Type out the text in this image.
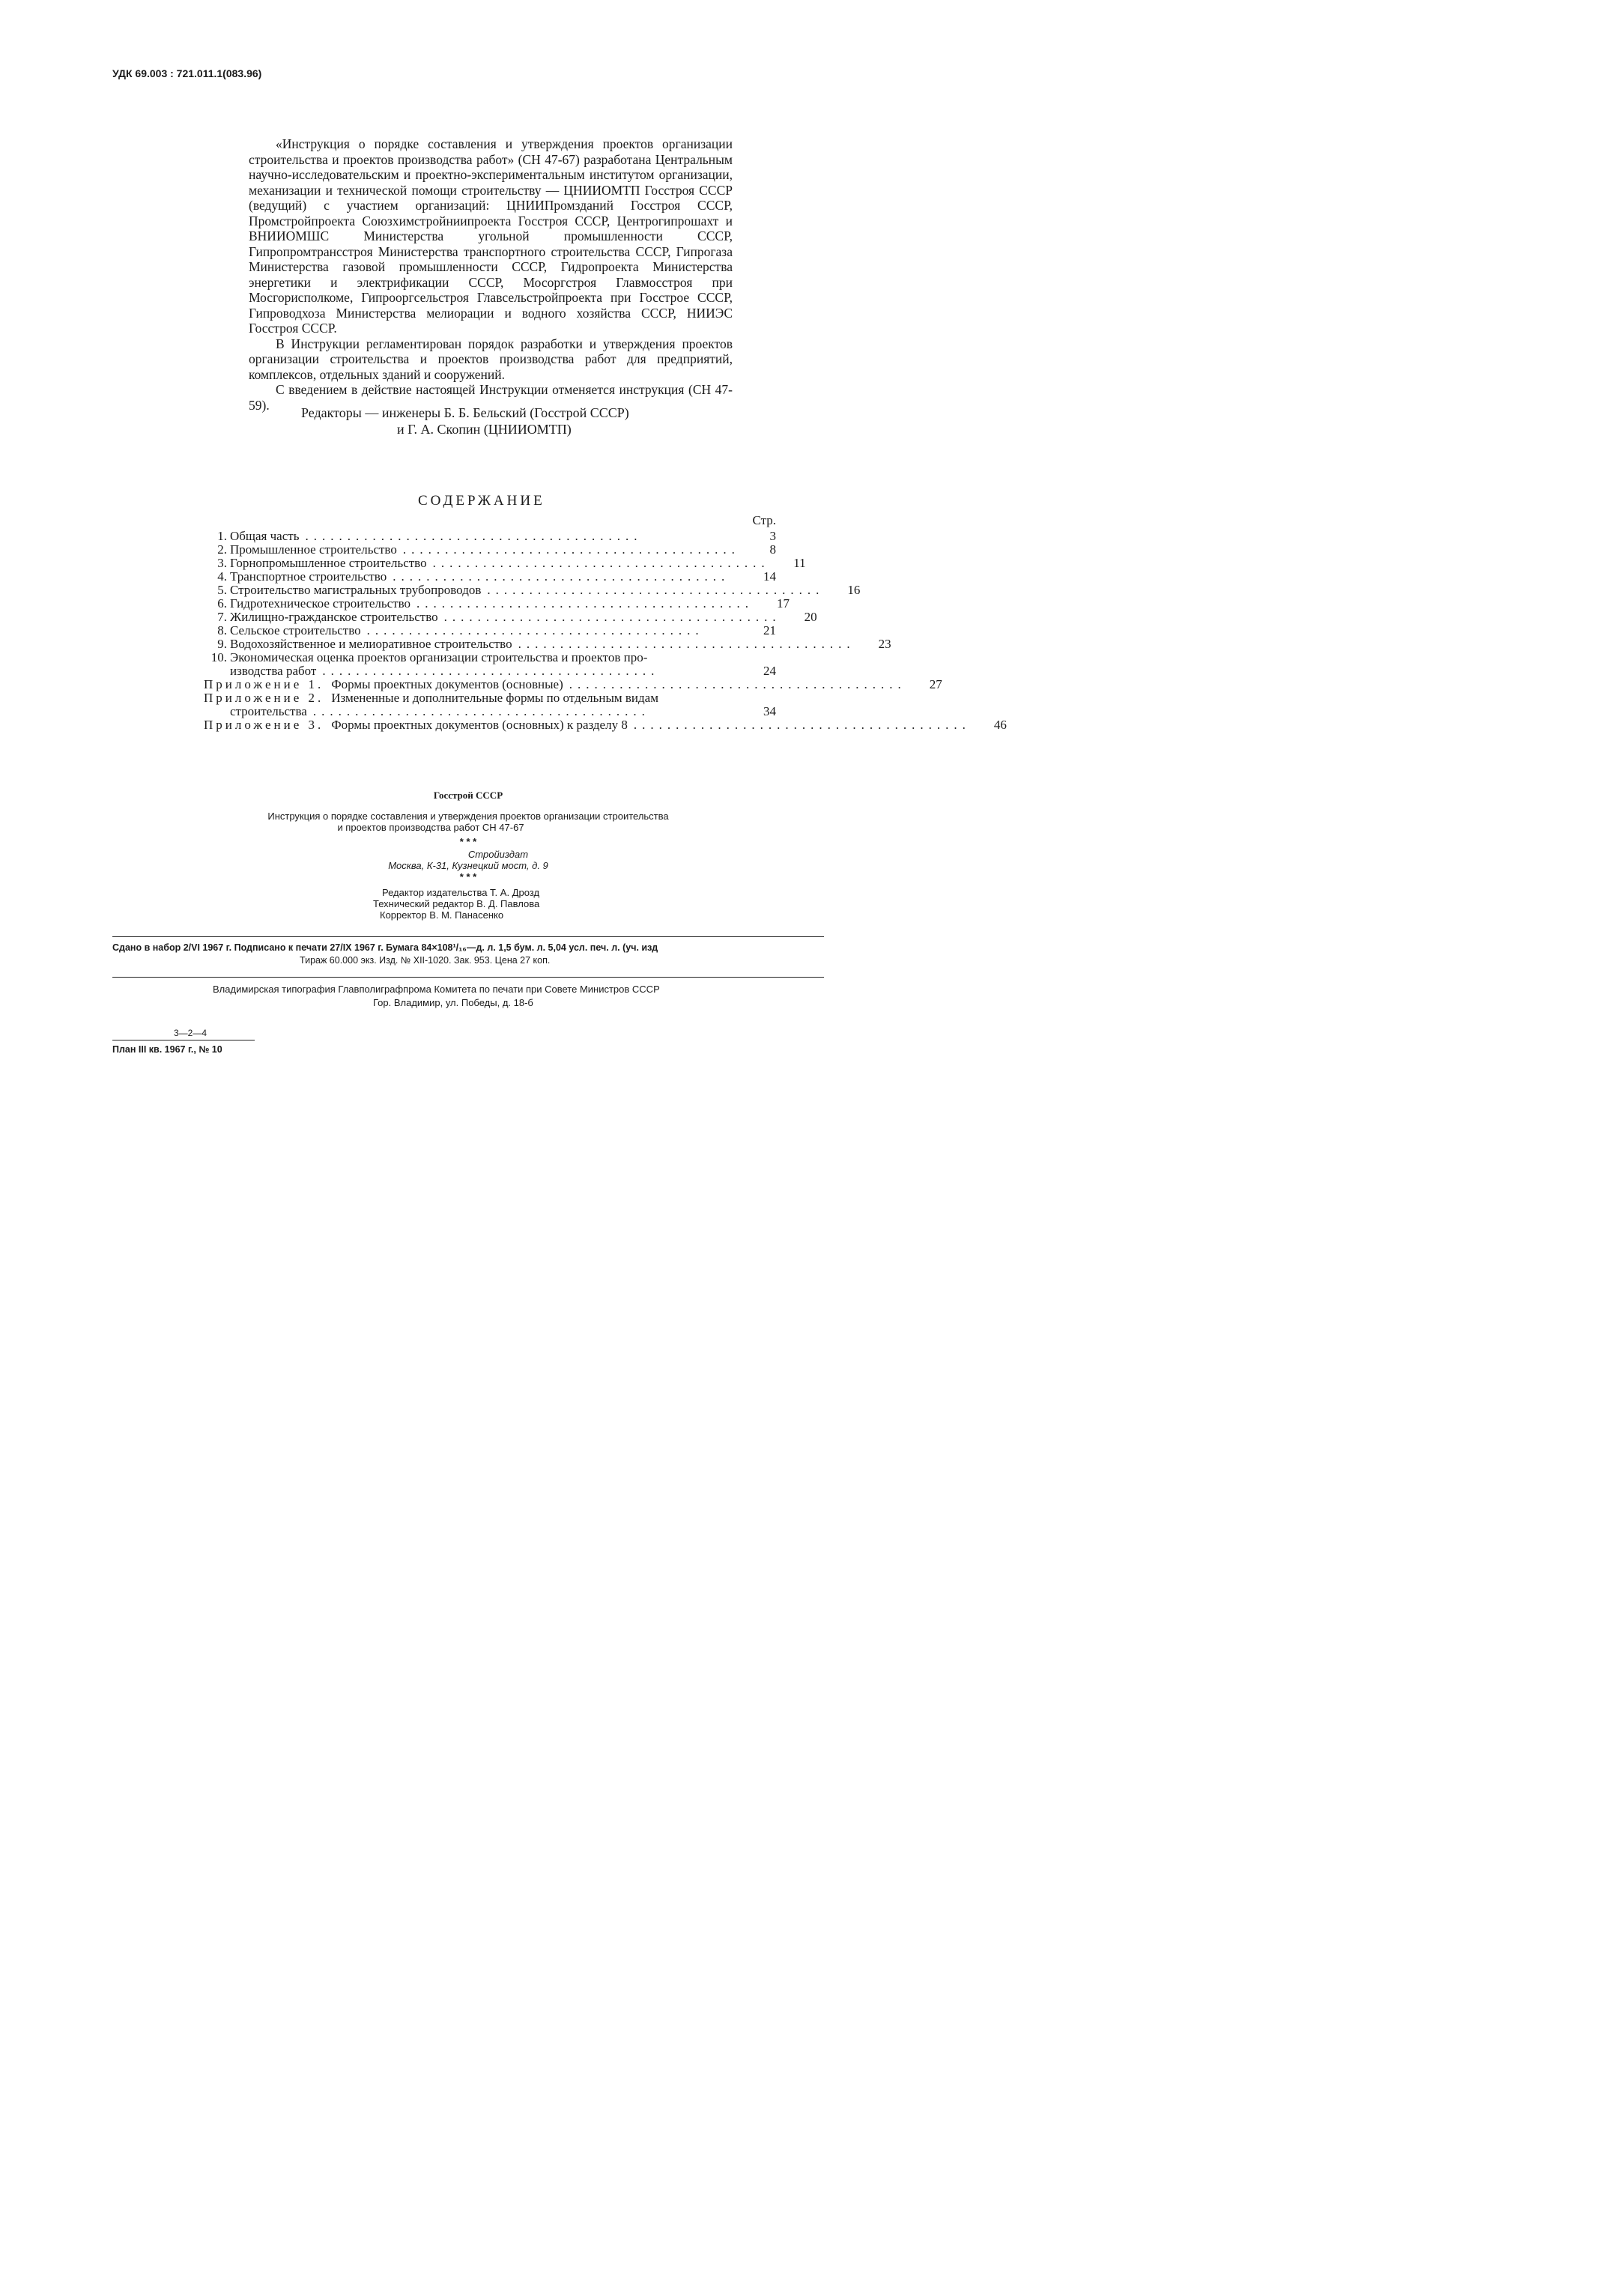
УДК 69.003 : 721.011.1(083.96)

«Инструкция о порядке составления и утверждения проектов организации строительства и проектов производства работ» (СН 47-67) разработана Центральным научно-исследовательским и проектно-экспериментальным институтом организации, механизации и технической помощи строительству — ЦНИИОМТП Госстроя СССР (ведущий) с участием организаций: ЦНИИПромзданий Госстроя СССР, Промстройпроекта Союзхимстройниипроекта Госстроя СССР, Центрогипрошахт и ВНИИОМШС Министерства угольной промышленности СССР, Гипропромтрансстроя Министерства транспортного строительства СССР, Гипрогаза Министерства газовой промышленности СССР, Гидропроекта Министерства энергетики и электрификации СССР, Мосоргстроя Главмосстроя при Мосгорисполкоме, Гипрооргсельстроя Главсельстройпроекта при Госстрое СССР, Гипроводхоза Министерства мелиорации и водного хозяйства СССР, НИИЭС Госстроя СССР.

В Инструкции регламентирован порядок разработки и утверждения проектов организации строительства и проектов производства работ для предприятий, комплексов, отдельных зданий и сооружений.

С введением в действие настоящей Инструкции отменяется инструкция (СН 47-59).

Редакторы — инженеры Б. Б. Бельский (Госстрой СССР)
и Г. А. Скопин (ЦНИИОМТП)
СОДЕРЖАНИЕ
Стр.
1. Общая часть ........................................	3
2. Промышленное строительство ........................................	8
3. Горнопромышленное строительство ........................................	11
4. Транспортное строительство ........................................	14
5. Строительство магистральных трубопроводов ........................................	16
6. Гидротехническое строительство ........................................	17
7. Жилищно-гражданское строительство ........................................	20
8. Сельское строительство ........................................	21
9. Водохозяйственное и мелиоративное строительство ........................................	23
10. Экономическая оценка проектов организации строительства и проектов про-
изводства работ ........................................	24
Приложение 1. Формы проектных документов (основные) ........................................	27
Приложение 2. Измененные и дополнительные формы по отдельным видам
строительства ........................................	34
Приложение 3. Формы проектных документов (основных) к разделу 8 ........................................	46
Госстрой СССР
Инструкция о порядке составления и утверждения проектов организации строительства
и проектов производства работ СН 47-67
* * *
Стройиздат
Москва, К-31, Кузнецкий мост, д. 9
* * *
Редактор издательства Т. А. Дрозд
Технический редактор В. Д. Павлова
Корректор В. М. Панасенко
Сдано в набор 2/VI 1967 г. Подписано к печати 27/IX 1967 г. Бумага 84×108¹/₁₆—д. л. 1,5 бум. л. 5,04 усл. печ. л. (уч. изд
Тираж 60.000 экз. Изд. № XII-1020. Зак. 953. Цена 27 коп.
Владимирская типография Главполиграфпрома Комитета по печати при Совете Министров СССР
Гор. Владимир, ул. Победы, д. 18-б
3—2—4
План III кв. 1967 г., № 10
